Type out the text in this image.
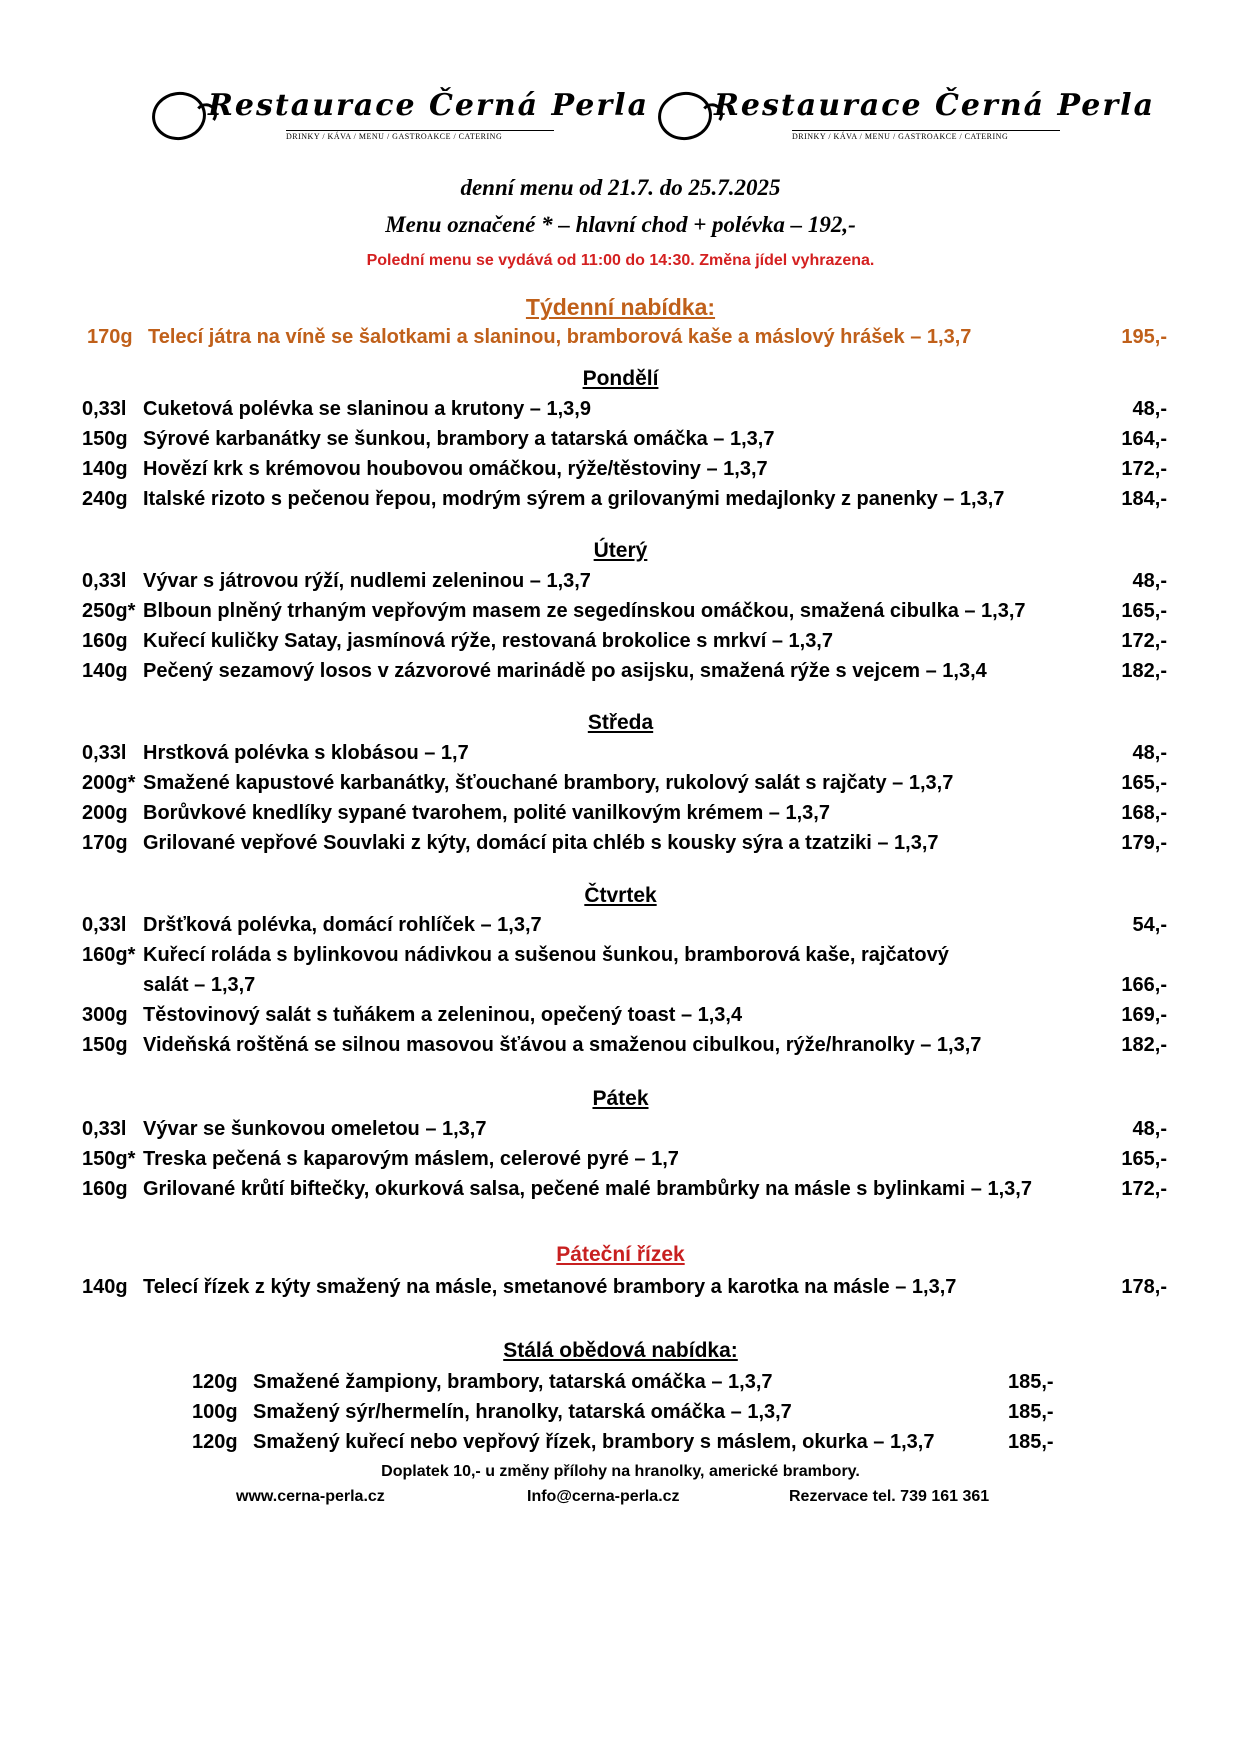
Restaurace Černá Perla
DRINKY / KÁVA / MENU / GASTROAKCE / CATERING
Restaurace Černá Perla
DRINKY / KÁVA / MENU / GASTROAKCE / CATERING
denní menu od 21.7. do 25.7.2025
Menu označené * – hlavní chod + polévka – 192,-
Polední menu se vydává od 11:00 do 14:30. Změna jídel vyhrazena.
Týdenní nabídka:
170g Telecí játra na víně se šalotkami a slaninou, bramborová kaše a máslový hrášek – 1,3,7	195,-
Pondělí
0,33l Cuketová polévka se slaninou a krutony – 1,3,9	48,-
150g Sýrové karbanátky se šunkou, brambory a tatarská omáčka – 1,3,7	164,-
140g Hovězí krk s krémovou houbovou omáčkou, rýže/těstoviny – 1,3,7	172,-
240g Italské rizoto s pečenou řepou, modrým sýrem a grilovanými medajlonky z panenky – 1,3,7	184,-
Úterý
0,33l Vývar s játrovou rýží, nudlemi zeleninou – 1,3,7	48,-
250g* Blboun plněný trhaným vepřovým masem ze segedínskou omáčkou, smažená cibulka – 1,3,7	165,-
160g Kuřecí kuličky Satay, jasmínová rýže, restovaná brokolice s mrkví – 1,3,7	172,-
140g Pečený sezamový losos v zázvorové marinádě po asijsku, smažená rýže s vejcem – 1,3,4	182,-
Středa
0,33l Hrstková polévka s klobásou – 1,7	48,-
200g* Smažené kapustové karbanátky, šťouchané brambory, rukolový salát s rajčaty – 1,3,7	165,-
200g Borůvkové knedlíky sypané tvarohem, polité vanilkovým krémem – 1,3,7	168,-
170g Grilované vepřové Souvlaki z kýty, domácí pita chléb s kousky sýra a tzatziki – 1,3,7	179,-
Čtvrtek
0,33l Dršťková polévka, domácí rohlíček – 1,3,7	54,-
160g* Kuřecí roláda s bylinkovou nádivkou a sušenou šunkou, bramborová kaše, rajčatový
salát – 1,3,7	166,-
300g Těstovinový salát s tuňákem a zeleninou, opečený toast – 1,3,4	169,-
150g Videňská roštěná se silnou masovou šťávou a smaženou cibulkou, rýže/hranolky – 1,3,7	182,-
Pátek
0,33l Vývar se šunkovou omeletou – 1,3,7	48,-
150g* Treska pečená s kaparovým máslem, celerové pyré – 1,7	165,-
160g Grilované krůtí biftečky, okurková salsa, pečené malé brambůrky na másle s bylinkami – 1,3,7	172,-
Páteční řízek
140g Telecí řízek z kýty smažený na másle, smetanové brambory a karotka na másle – 1,3,7	178,-
Stálá obědová nabídka:
120g Smažené žampiony, brambory, tatarská omáčka – 1,3,7	185,-
100g Smažený sýr/hermelín, hranolky, tatarská omáčka – 1,3,7	185,-
120g Smažený kuřecí nebo vepřový řízek, brambory s máslem, okurka – 1,3,7	185,-
Doplatek 10,- u změny přílohy na hranolky, americké brambory.
www.cerna-perla.cz	Info@cerna-perla.cz	Rezervace tel. 739 161 361
